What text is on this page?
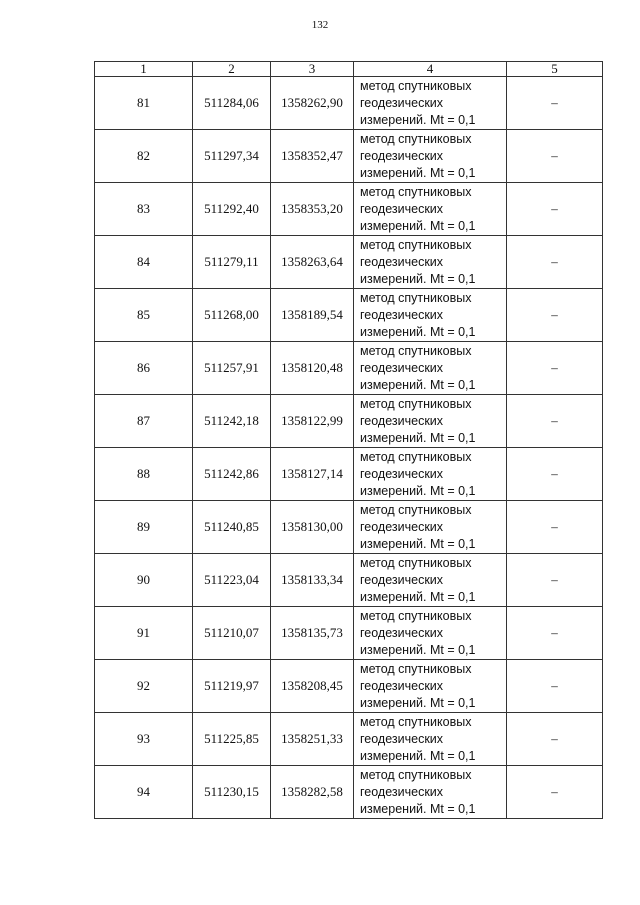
132
1	2	3	4	5
81	511284,06	1358262,90	метод спутниковых
геодезических
измерений. Mt = 0,1	–
82	511297,34	1358352,47	метод спутниковых
геодезических
измерений. Mt = 0,1	–
83	511292,40	1358353,20	метод спутниковых
геодезических
измерений. Mt = 0,1	–
84	511279,11	1358263,64	метод спутниковых
геодезических
измерений. Mt = 0,1	–
85	511268,00	1358189,54	метод спутниковых
геодезических
измерений. Mt = 0,1	–
86	511257,91	1358120,48	метод спутниковых
геодезических
измерений. Mt = 0,1	–
87	511242,18	1358122,99	метод спутниковых
геодезических
измерений. Mt = 0,1	–
88	511242,86	1358127,14	метод спутниковых
геодезических
измерений. Mt = 0,1	–
89	511240,85	1358130,00	метод спутниковых
геодезических
измерений. Mt = 0,1	–
90	511223,04	1358133,34	метод спутниковых
геодезических
измерений. Mt = 0,1	–
91	511210,07	1358135,73	метод спутниковых
геодезических
измерений. Mt = 0,1	–
92	511219,97	1358208,45	метод спутниковых
геодезических
измерений. Mt = 0,1	–
93	511225,85	1358251,33	метод спутниковых
геодезических
измерений. Mt = 0,1	–
94	511230,15	1358282,58	метод спутниковых
геодезических
измерений. Mt = 0,1	–
